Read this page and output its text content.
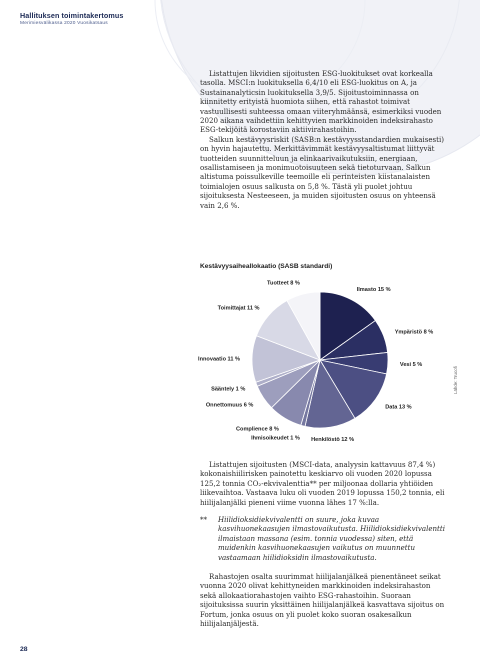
Hallituksen toimintakertomus
Merimiesvälikassa 2020 Vuosikatsaus

Listattujen likvidien sijoitusten ESG-luokitukset ovat korkealla tasolla. MSCI:n luokituksella 6,4/10 eli ESG-luokitus on A, ja Sustainanalyticsin luokituksella 3,9/5. Sijoitustoiminnassa on kiinnitetty erityistä huomiota siihen, että rahastot toimivat vastuullisesti suhteessa omaan viiteryhmäänsä, esimerkiksi vuoden 2020 aikana vaihdettiin kehittyvien markkinoiden indeksirahasto ESG-tekijöitä korostaviin aktiivirahastoihin.

Salkun kestävyysriskit (SASB:n kestävyysstandardien mukaisesti) on hyvin hajautettu. Merkittävimmät kestävyysaltistumat liittyvät tuotteiden suunnitteluun ja elinkaarivaikutuksiin, energiaan, osallistamiseen ja monimuotoisuuteen sekä tietoturvaan. Salkun altistuma poissulkeville teemoille eli perinteisten kiistanalaisten toimialojen osuus salkusta on 5,8 %. Tästä yli puolet johtuu sijoituksesta Nesteeseen, ja muiden sijoitusten osuus on yhteensä vain 2,6 %.

Kestävyysaiheallokaatio (SASB standardi)
Ilmasto 15 %
Ympäristö 8 %
Vesi 5 %
Data 13 %
Henkilöstö 12 %
Ihmisoikeudet 1 %
Complience 8 %
Onnettomuus 6 %
Sääntely 1 %
Innovaatio 11 %
Toimittajat 11 %
Tuotteet 8 %
Lähde: Trucofi

Listattujen sijoitusten (MSCI-data, analyysin kattavuus 87,4 %) kokonaishiilirisken painotettu keskiarvo oli vuoden 2020 lopussa 125,2 tonnia CO₂-ekvivalenttia** per miljoonaa dollaria yhtiöiden liikevaihtoa. Vastaava luku oli vuoden 2019 lopussa 150,2 tonnia, eli hiilijalanjälki pieneni viime vuonna lähes 17 %:lla.

**	Hiilidioksidiekvivalentti on suure, joka kuvaa kasvihuonekaasujen ilmastovaikutusta. Hiilidioksidiekvivalentti ilmaistaan massana (esim. tonnia vuodessa) siten, että muidenkin kasvihuonekaasujen vaikutus on muunnettu vastaamaan hiilidioksidin ilmastovaikutusta.

Rahastojen osalta suurimmat hiilijalanjälkeä pienentäneet seikat vuonna 2020 olivat kehittyneiden markkinoiden indeksirahaston sekä allokaatiorahastojen vaihto ESG-rahastoihin. Suoraan sijoituksissa suurin yksittäinen hiilijalanjälkeä kasvattava sijoitus on Fortum, jonka osuus on yli puolet koko suoran osakesalkun hiilijalanjäljestä.

28
